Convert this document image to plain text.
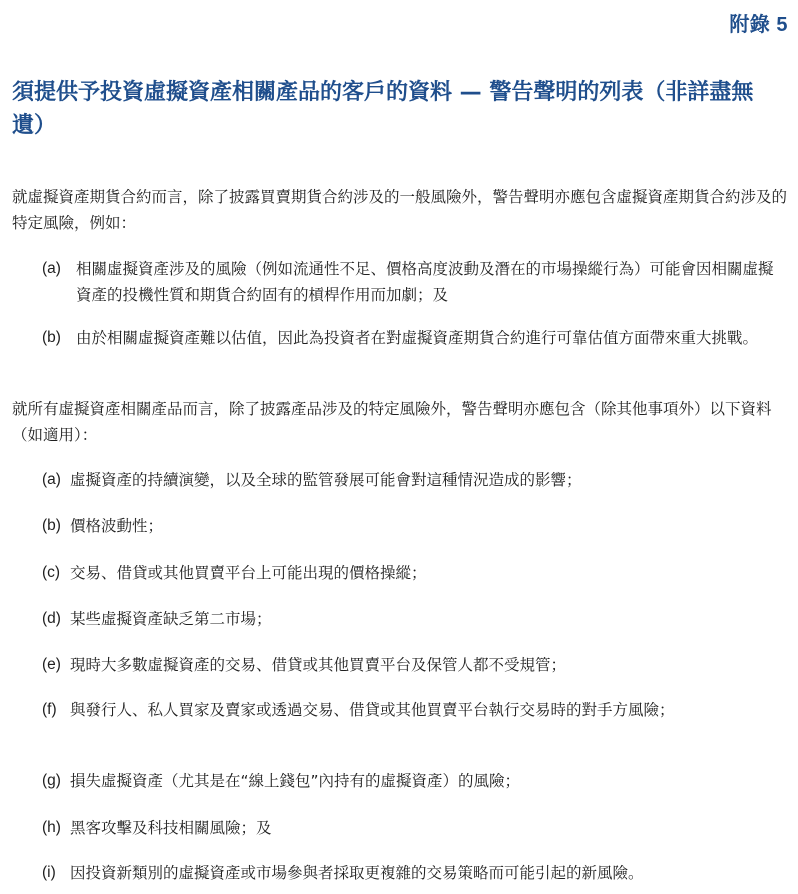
附錄 5
須提供予投資虛擬資產相關產品的客戶的資料 — 警告聲明的列表（非詳盡無遺）

就虛擬資產期貨合約而言，除了披露買賣期貨合約涉及的一般風險外，警告聲明亦應包含虛擬資產期貨合約涉及的特定風險，例如：

(a) 相關虛擬資產涉及的風險（例如流通性不足、價格高度波動及潛在的市場操縱行為）可能會因相關虛擬資產的投機性質和期貨合約固有的槓桿作用而加劇；及
(b) 由於相關虛擬資產難以估值，因此為投資者在對虛擬資產期貨合約進行可靠估值方面帶來重大挑戰。

就所有虛擬資產相關產品而言，除了披露產品涉及的特定風險外，警告聲明亦應包含（除其他事項外）以下資料（如適用）：

(a) 虛擬資產的持續演變，以及全球的監管發展可能會對這種情況造成的影響；
(b) 價格波動性；
(c) 交易、借貸或其他買賣平台上可能出現的價格操縱；
(d) 某些虛擬資產缺乏第二市場；
(e) 現時大多數虛擬資產的交易、借貸或其他買賣平台及保管人都不受規管；
(f) 與發行人、私人買家及賣家或透過交易、借貸或其他買賣平台執行交易時的對手方風險；
(g) 損失虛擬資產（尤其是在“線上錢包”內持有的虛擬資產）的風險；
(h) 黑客攻擊及科技相關風險；及
(i) 因投資新類別的虛擬資產或市場參與者採取更複雜的交易策略而可能引起的新風險。
